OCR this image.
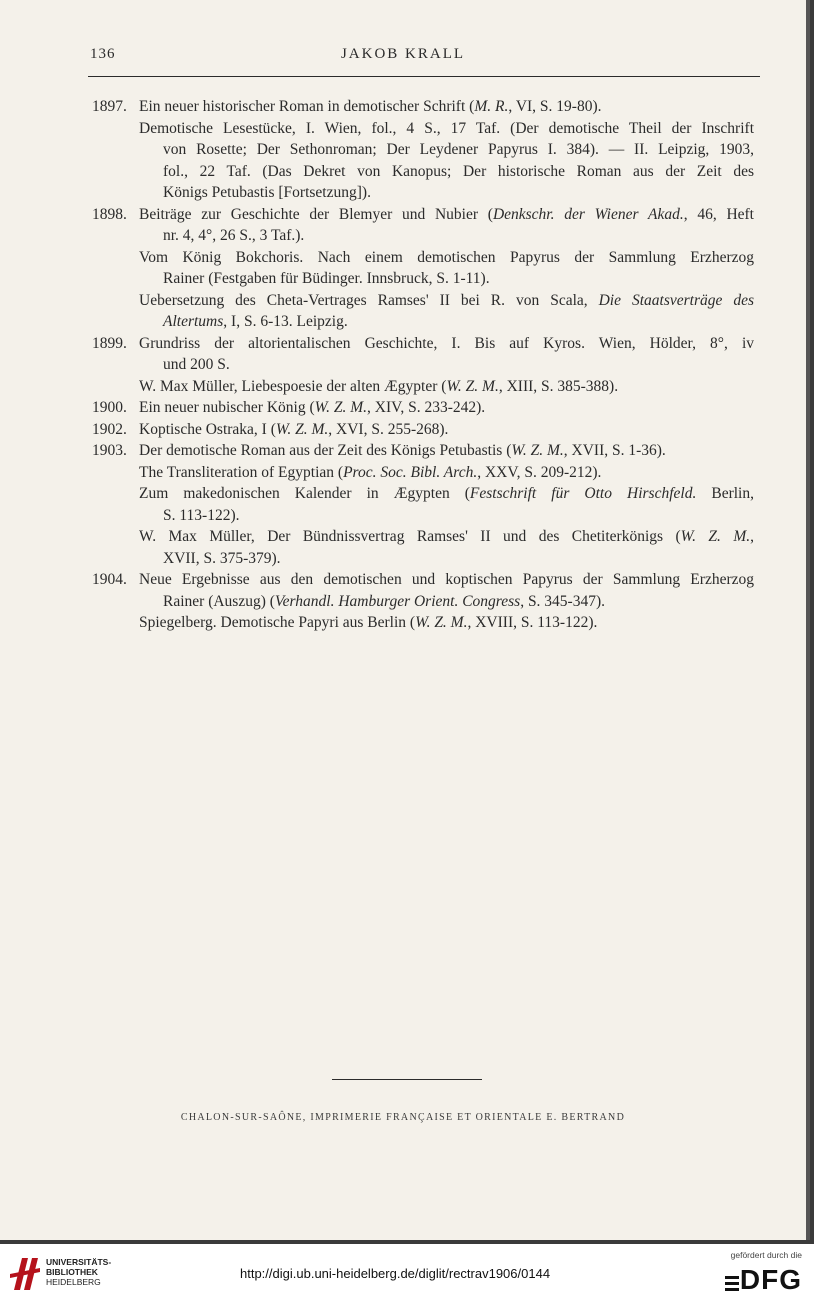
136	JAKOB KRALL
1897. Ein neuer historischer Roman in demotischer Schrift (M. R., VI, S. 19-80).
Demotische Lesestücke, I. Wien, fol., 4 S., 17 Taf. (Der demotische Theil der Inschrift
von Rosette; Der Sethonroman; Der Leydener Papyrus I. 384). — II. Leipzig, 1903,
fol., 22 Taf. (Das Dekret von Kanopus; Der historische Roman aus der Zeit des
Königs Petubastis [Fortsetzung]).
1898. Beiträge zur Geschichte der Blemyer und Nubier (Denkschr. der Wiener Akad., 46, Heft
nr. 4, 4°, 26 S., 3 Taf.).
Vom König Bokchoris. Nach einem demotischen Papyrus der Sammlung Erzherzog
Rainer (Festgaben für Büdinger. Innsbruck, S. 1-11).
Uebersetzung des Cheta-Vertrages Ramses' II bei R. von Scala, Die Staatsverträge des
Altertums, I, S. 6-13. Leipzig.
1899. Grundriss der altorientalischen Geschichte, I. Bis auf Kyros. Wien, Hölder, 8°, iv
und 200 S.
W. Max Müller, Liebespoesie der alten Ægypter (W. Z. M., XIII, S. 385-388).
1900. Ein neuer nubischer König (W. Z. M., XIV, S. 233-242).
1902. Koptische Ostraka, I (W. Z. M., XVI, S. 255-268).
1903. Der demotische Roman aus der Zeit des Königs Petubastis (W. Z. M., XVII, S. 1-36).
The Transliteration of Egyptian (Proc. Soc. Bibl. Arch., XXV, S. 209-212).
Zum makedonischen Kalender in Ægypten (Festschrift für Otto Hirschfeld. Berlin,
S. 113-122).
W. Max Müller, Der Bündnissvertrag Ramses' II und des Chetiterkönigs (W. Z. M.,
XVII, S. 375-379).
1904. Neue Ergebnisse aus den demotischen und koptischen Papyrus der Sammlung Erzherzog
Rainer (Auszug) (Verhandl. Hamburger Orient. Congress, S. 345-347).
Spiegelberg. Demotische Papyri aus Berlin (W. Z. M., XVIII, S. 113-122).
CHALON-SUR-SAÔNE, IMPRIMERIE FRANÇAISE ET ORIENTALE E. BERTRAND
UNIVERSITÄTS-
BIBLIOTHEK
HEIDELBERG
http://digi.ub.uni-heidelberg.de/diglit/rectrav1906/0144
gefördert durch die
DFG
